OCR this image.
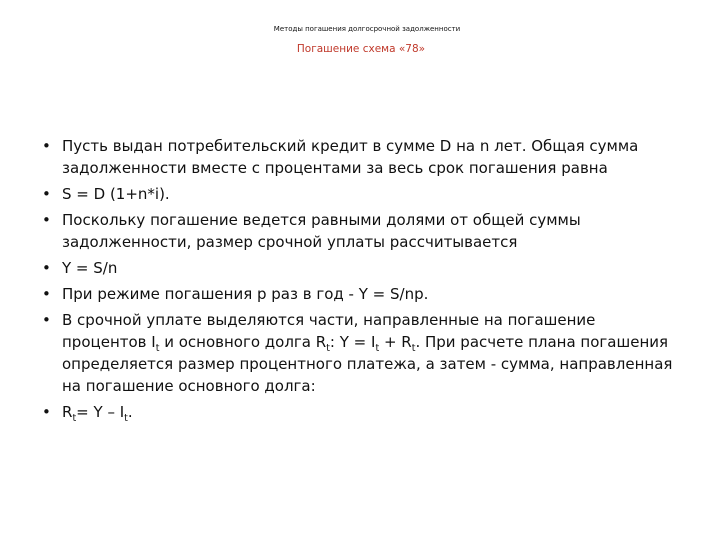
Методы погашения долгосрочной задолженности
Погашение схема «78»
• Пусть выдан потребительский кредит в сумме D на n лет. Общая сумма задолженности вместе с процентами за весь срок погашения равна
• S = D (1+n*i).
• Поскольку погашение ведется равными долями от общей суммы задолженности, размер срочной уплаты рассчитывается
• Y = S/n
• При режиме погашения p раз в год - Y = S/np.
• В срочной уплате выделяются части, направленные на погашение процентов $I_t$ и основного долга $R_t$: $Y = I_t + R_t$. При расчете плана погашения определяется размер процентного платежа, а затем - сумма, направленная на погашение основного долга:
• $R_t= Y - I_t$.
